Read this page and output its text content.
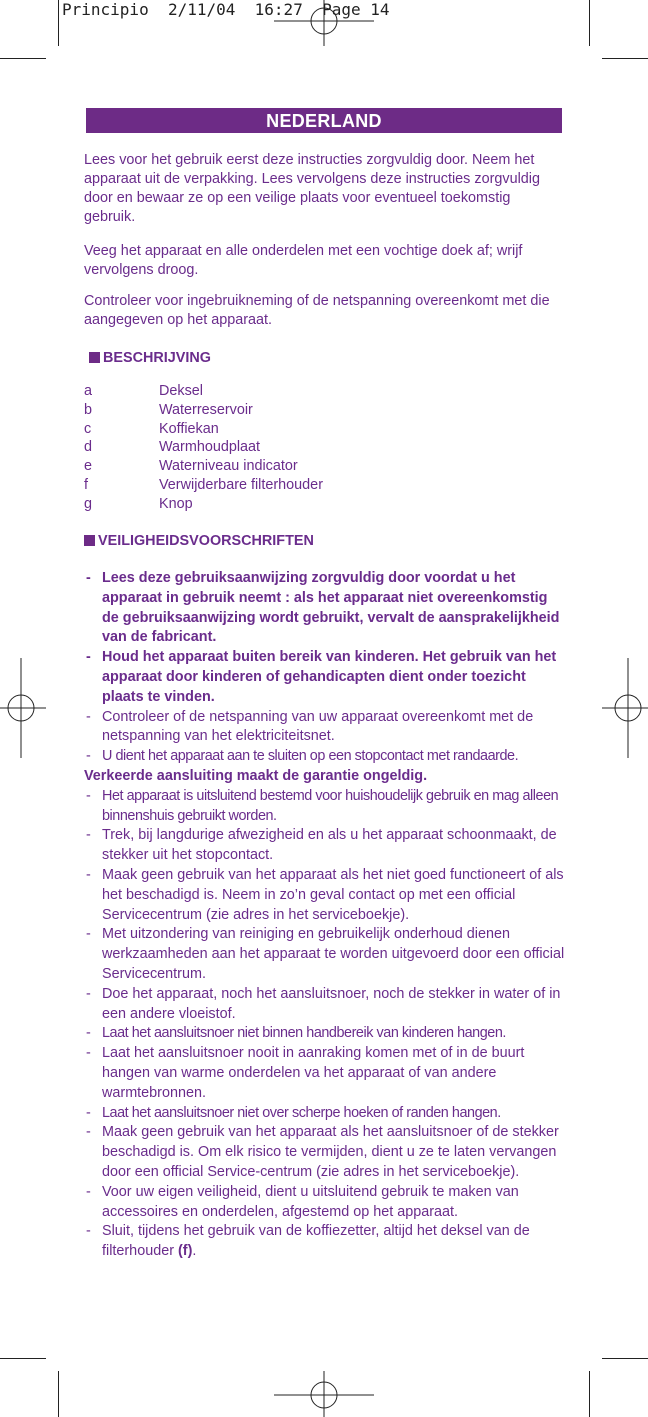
Principio  2/11/04  16:27  Page 14
NEDERLAND

Lees voor het gebruik eerst deze instructies zorgvuldig door. Neem het apparaat uit de verpakking. Lees vervolgens deze instructies zorgvuldig door en bewaar ze op een veilige plaats voor eventueel toekomstig gebruik.

Veeg het apparaat en alle onderdelen met een vochtige doek af; wrijf vervolgens droog.

Controleer voor ingebruikneming of de netspanning overeenkomt met die aangegeven op het apparaat.

BESCHRIJVING
a	Deksel
b	Waterreservoir
c	Koffiekan
d	Warmhoudplaat
e	Waterniveau indicator
f	Verwijderbare filterhouder
g	Knop
VEILIGHEIDSVOORSCHRIFTEN
- Lees deze gebruiksaanwijzing zorgvuldig door voordat u het apparaat in gebruik neemt : als het apparaat niet overeenkomstig de gebruiksaanwijzing wordt gebruikt, vervalt de aansprakelijkheid van de fabricant.
- Houd het apparaat buiten bereik van kinderen. Het gebruik van het apparaat door kinderen of gehandicapten dient onder toezicht plaats te vinden.
- Controleer of de netspanning van uw apparaat overeenkomt met de netspanning van het elektriciteitsnet.
- U dient het apparaat aan te sluiten op een stopcontact met randaarde.
Verkeerde aansluiting maakt de garantie ongeldig.
- Het apparaat is uitsluitend bestemd voor huishoudelijk gebruik en mag alleen binnenshuis gebruikt worden.
- Trek, bij langdurige afwezigheid en als u het apparaat schoonmaakt, de stekker uit het stopcontact.
- Maak geen gebruik van het apparaat als het niet goed functioneert of als het beschadigd is. Neem in zo’n geval contact op met een official Servicecentrum (zie adres in het serviceboekje).
- Met uitzondering van reiniging en gebruikelijk onderhoud dienen werkzaamheden aan het apparaat te worden uitgevoerd door een official Servicecentrum.
- Doe het apparaat, noch het aansluitsnoer, noch de stekker in water of in een andere vloeistof.
- Laat het aansluitsnoer niet binnen handbereik van kinderen hangen.
- Laat het aansluitsnoer nooit in aanraking komen met of in de buurt hangen van warme onderdelen va het apparaat of van andere warmtebronnen.
- Laat het aansluitsnoer niet over scherpe hoeken of randen hangen.
- Maak geen gebruik van het apparaat als het aansluitsnoer of de stekker beschadigd is. Om elk risico te vermijden, dient u ze te laten vervangen door een official Service-centrum (zie adres in het serviceboekje).
- Voor uw eigen veiligheid, dient u uitsluitend gebruik te maken van accessoires en onderdelen, afgestemd op het apparaat.
- Sluit, tijdens het gebruik van de koffiezetter, altijd het deksel van de filterhouder (f).
